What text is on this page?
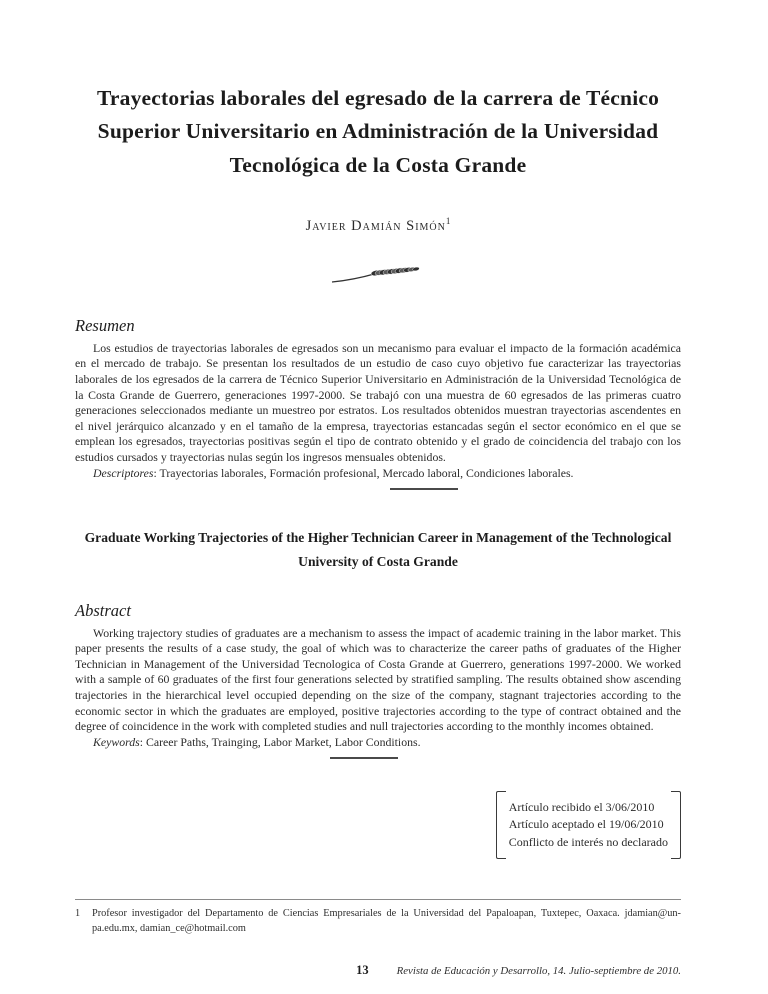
Trayectorias laborales del egresado de la carrera de Técnico Superior Universitario en Administración de la Universidad Tecnológica de la Costa Grande
Javier Damián Simón$^1$
Resumen

Los estudios de trayectorias laborales de egresados son un mecanismo para evaluar el impacto de la formación académica en el mercado de trabajo. Se presentan los resultados de un estudio de caso cuyo objetivo fue caracterizar las trayectorias laborales de los egresados de la carrera de Técnico Superior Universitario en Administración de la Universidad Tecnológica de la Costa Grande de Guerrero, generaciones 1997-2000. Se trabajó con una muestra de 60 egresados de las primeras cuatro generaciones seleccionados mediante un muestreo por estratos. Los resultados obtenidos muestran trayectorias ascendentes en el nivel jerárquico alcanzado y en el tamaño de la empresa, trayectorias estancadas según el sector económico en el que se emplean los egresados, trayectorias positivas según el tipo de contrato obtenido y el grado de coincidencia del trabajo con los estudios cursados y trayectorias nulas según los ingresos mensuales obtenidos.

Descriptores: Trayectorias laborales, Formación profesional, Mercado laboral, Condiciones laborales.

Graduate Working Trajectories of the Higher Technician Career in Management of the Technological University of Costa Grande
Abstract

Working trajectory studies of graduates are a mechanism to assess the impact of academic training in the labor market. This paper presents the results of a case study, the goal of which was to characterize the career paths of graduates of the Higher Technician in Management of the Universidad Tecnologica of Costa Grande at Guerrero, generations 1997-2000. We worked with a sample of 60 graduates of the first four generations selected by stratified sampling. The results obtained show ascending trajectories in the hierarchical level occupied depending on the size of the company, stagnant trajectories according to the economic sector in which the graduates are employed, positive trajectories according to the type of contract obtained and the degree of coincidence in the work with completed studies and null trajectories according to the monthly incomes obtained.

Keywords: Career Paths, Trainging, Labor Market, Labor Conditions.

Artículo recibido el 3/06/2010
Artículo aceptado el 19/06/2010
Conflicto de interés no declarado
1	Profesor investigador del Departamento de Ciencias Empresariales de la Universidad del Papaloapan, Tuxtepec, Oaxaca. jdamian@un-pa.edu.mx, damian_ce@hotmail.com
13	Revista de Educación y Desarrollo, 14. Julio-septiembre de 2010.
